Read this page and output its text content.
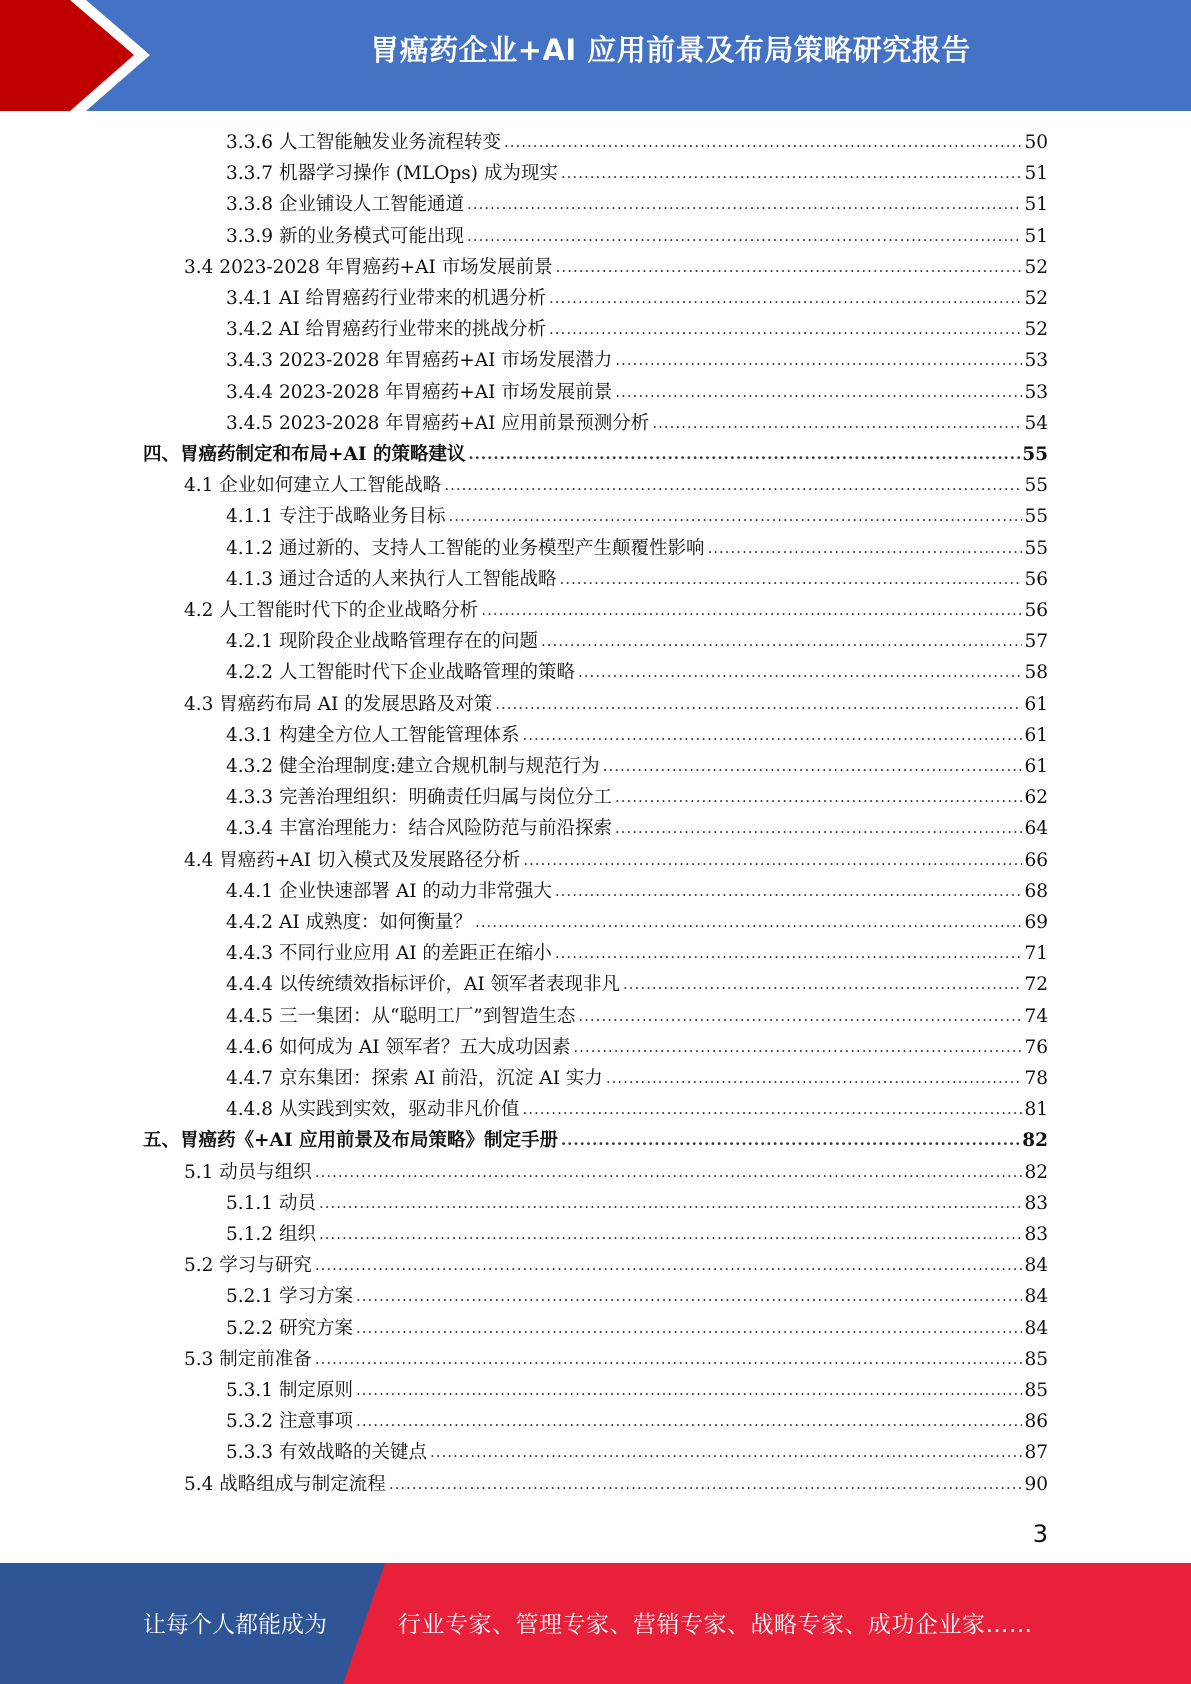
胃癌药企业+AI 应用前景及布局策略研究报告
3.3.6 人工智能触发业务流程转变 .....	50
3.3.7 机器学习操作 (MLOps) 成为现实 .....	51
3.3.8 企业铺设人工智能通道 .....	51
3.3.9 新的业务模式可能出现 .....	51
3.4 2023-2028 年胃癌药+AI 市场发展前景 .....	52
3.4.1 AI 给胃癌药行业带来的机遇分析 .....	52
3.4.2 AI 给胃癌药行业带来的挑战分析 .....	52
3.4.3 2023-2028 年胃癌药+AI 市场发展潜力 .....	53
3.4.4 2023-2028 年胃癌药+AI 市场发展前景 .....	53
3.4.5 2023-2028 年胃癌药+AI 应用前景预测分析 .....	54
四、胃癌药制定和布局+AI 的策略建议 .....	55
4.1 企业如何建立人工智能战略 .....	55
4.1.1 专注于战略业务目标 .....	55
4.1.2 通过新的、支持人工智能的业务模型产生颠覆性影响 .....	55
4.1.3 通过合适的人来执行人工智能战略 .....	56
4.2 人工智能时代下的企业战略分析 .....	56
4.2.1 现阶段企业战略管理存在的问题 .....	57
4.2.2 人工智能时代下企业战略管理的策略 .....	58
4.3 胃癌药布局 AI 的发展思路及对策 .....	61
4.3.1 构建全方位人工智能管理体系 .....	61
4.3.2 健全治理制度:建立合规机制与规范行为 .....	61
4.3.3 完善治理组织：明确责任归属与岗位分工 .....	62
4.3.4 丰富治理能力：结合风险防范与前沿探索 .....	64
4.4 胃癌药+AI 切入模式及发展路径分析 .....	66
4.4.1 企业快速部署 AI 的动力非常强大 .....	68
4.4.2 AI 成熟度：如何衡量？ .....	69
4.4.3 不同行业应用 AI 的差距正在缩小 .....	71
4.4.4 以传统绩效指标评价，AI 领军者表现非凡 .....	72
4.4.5 三一集团：从“聪明工厂”到智造生态 .....	74
4.4.6 如何成为 AI 领军者？五大成功因素 .....	76
4.4.7 京东集团：探索 AI 前沿，沉淀 AI 实力 .....	78
4.4.8 从实践到实效，驱动非凡价值 .....	81
五、胃癌药《+AI 应用前景及布局策略》制定手册 .....	82
5.1 动员与组织 .....	82
5.1.1 动员 .....	83
5.1.2 组织 .....	83
5.2 学习与研究 .....	84
5.2.1 学习方案 .....	84
5.2.2 研究方案 .....	84
5.3 制定前准备 .....	85
5.3.1 制定原则 .....	85
5.3.2 注意事项 .....	86
5.3.3 有效战略的关键点 .....	87
5.4 战略组成与制定流程 .....	90
3
让每个人都能成为	行业专家、管理专家、营销专家、战略专家、成功企业家……
